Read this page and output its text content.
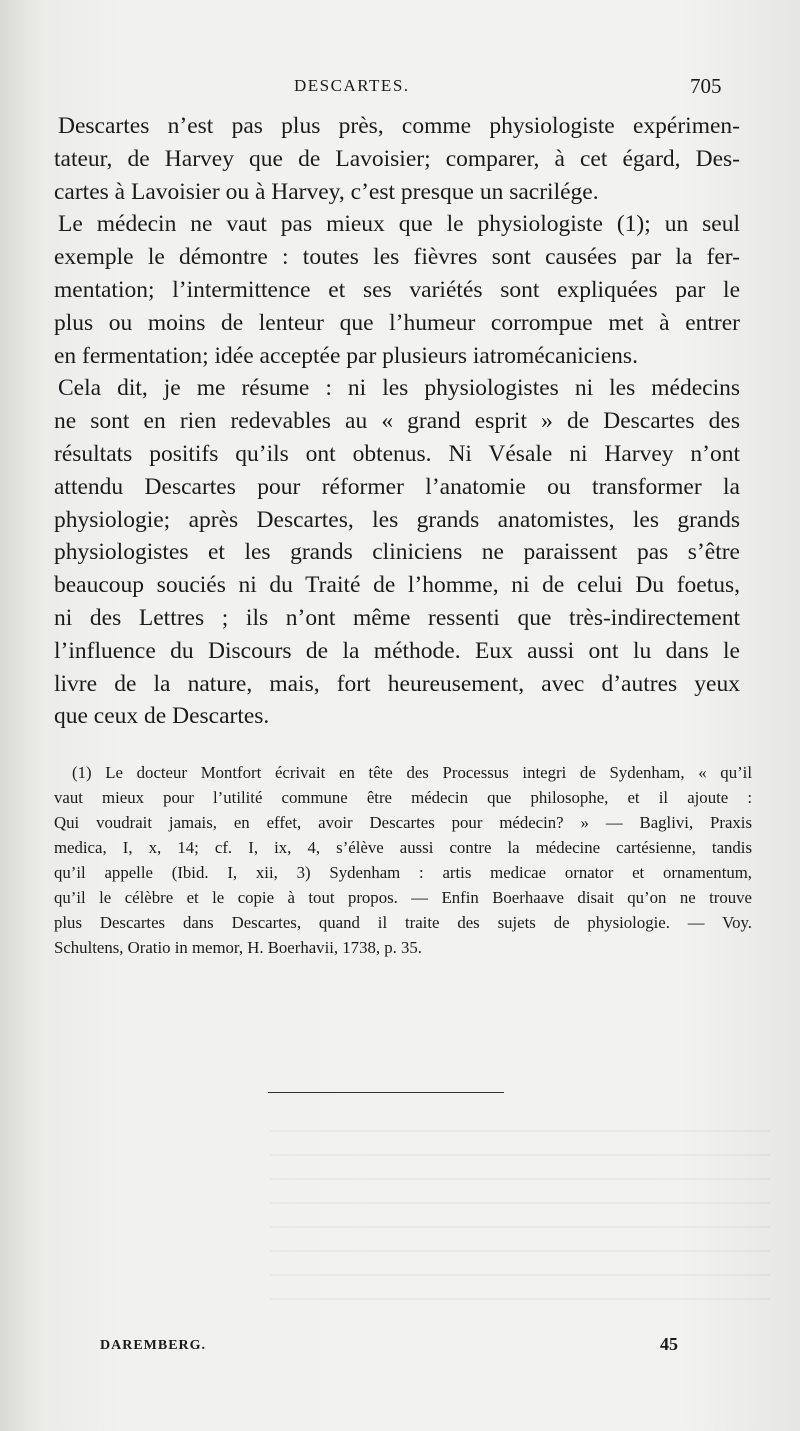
DESCARTES.	705
Descartes n’est pas plus près, comme physiologiste expérimen-
tateur, de Harvey que de Lavoisier; comparer, à cet égard, Des-
cartes à Lavoisier ou à Harvey, c’est presque un sacrilége.
Le médecin ne vaut pas mieux que le physiologiste (1); un seul
exemple le démontre : toutes les fièvres sont causées par la fer-
mentation; l’intermittence et ses variétés sont expliquées par le
plus ou moins de lenteur que l’humeur corrompue met à entrer
en fermentation; idée acceptée par plusieurs iatromécaniciens.
Cela dit, je me résume : ni les physiologistes ni les médecins
ne sont en rien redevables au « grand esprit » de Descartes des
résultats positifs qu’ils ont obtenus. Ni Vésale ni Harvey n’ont
attendu Descartes pour réformer l’anatomie ou transformer la
physiologie; après Descartes, les grands anatomistes, les grands
physiologistes et les grands cliniciens ne paraissent pas s’être
beaucoup souciés ni du Traité de l’homme, ni de celui Du foetus,
ni des Lettres ; ils n’ont même ressenti que très-indirectement
l’influence du Discours de la méthode. Eux aussi ont lu dans le
livre de la nature, mais, fort heureusement, avec d’autres yeux
que ceux de Descartes.
(1) Le docteur Montfort écrivait en tête des Processus integri de Sydenham, « qu’il
vaut mieux pour l’utilité commune être médecin que philosophe, et il ajoute :
Qui voudrait jamais, en effet, avoir Descartes pour médecin? » — Baglivi, Praxis
medica, I, x, 14; cf. I, ix, 4, s’élève aussi contre la médecine cartésienne, tandis
qu’il appelle (Ibid. I, xii, 3) Sydenham : artis medicae ornator et ornamentum,
qu’il le célèbre et le copie à tout propos. — Enfin Boerhaave disait qu’on ne trouve
plus Descartes dans Descartes, quand il traite des sujets de physiologie. — Voy.
Schultens, Oratio in memor, H. Boerhavii, 1738, p. 35.
DAREMBERG.	45
